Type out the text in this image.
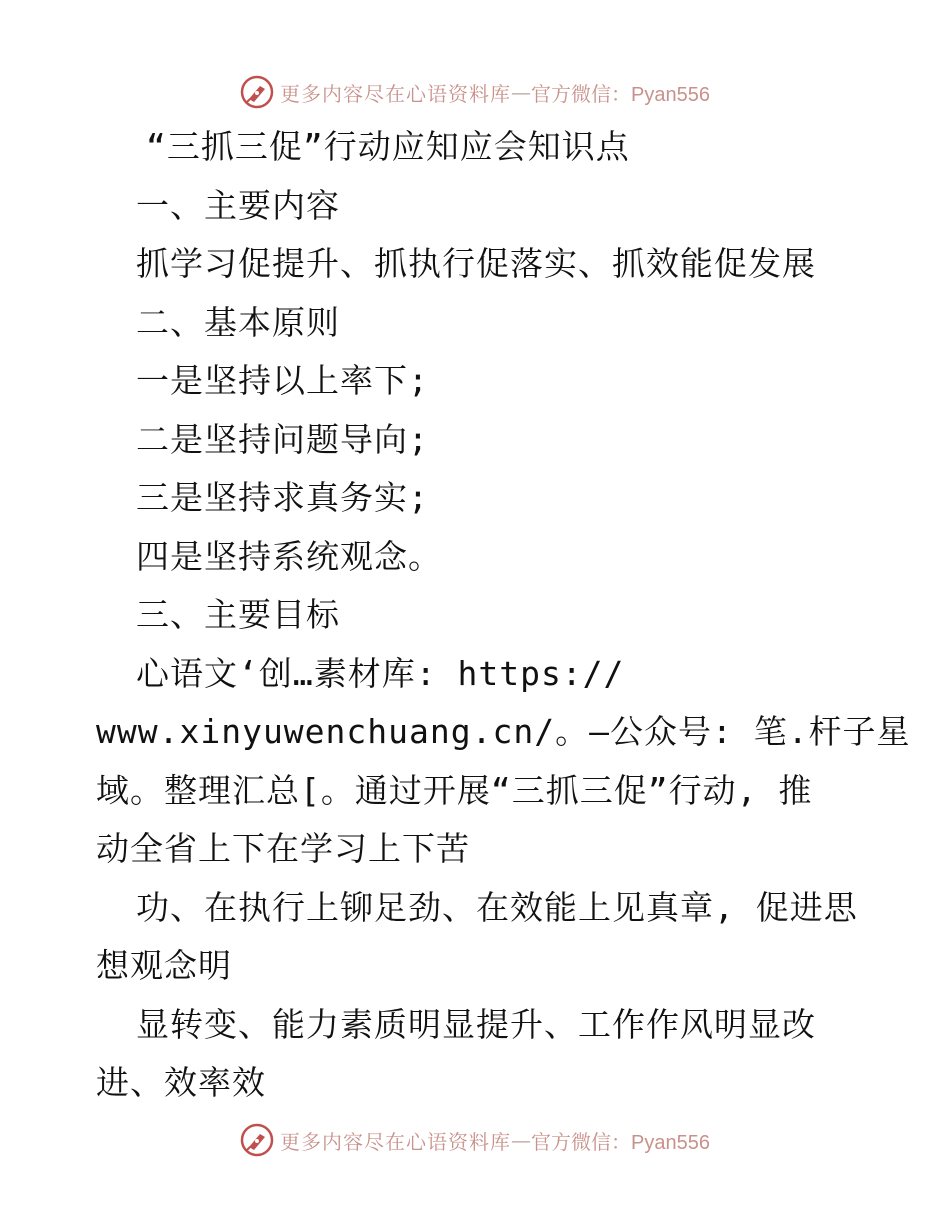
更多内容尽在心语资料库 — 官方微信：Pyan556
“三抓三促”行动应知应会知识点
一、主要内容
抓学习促提升、抓执行促落实、抓效能促发展
二、基本原则
一是坚持以上率下;
二是坚持问题导向;
三是坚持求真务实;
四是坚持系统观念。
三、主要目标
心语文‘创…素材库: https://
www.xinyuwenchuang.cn/。—公众号: 笔.杆子星
域。整理汇总[。通过开展“三抓三促”行动, 推
动全省上下在学习上下苦
功、在执行上铆足劲、在效能上见真章, 促进思
想观念明
显转变、能力素质明显提升、工作作风明显改
进、效率效
更多内容尽在心语资料库 — 官方微信：Pyan556
